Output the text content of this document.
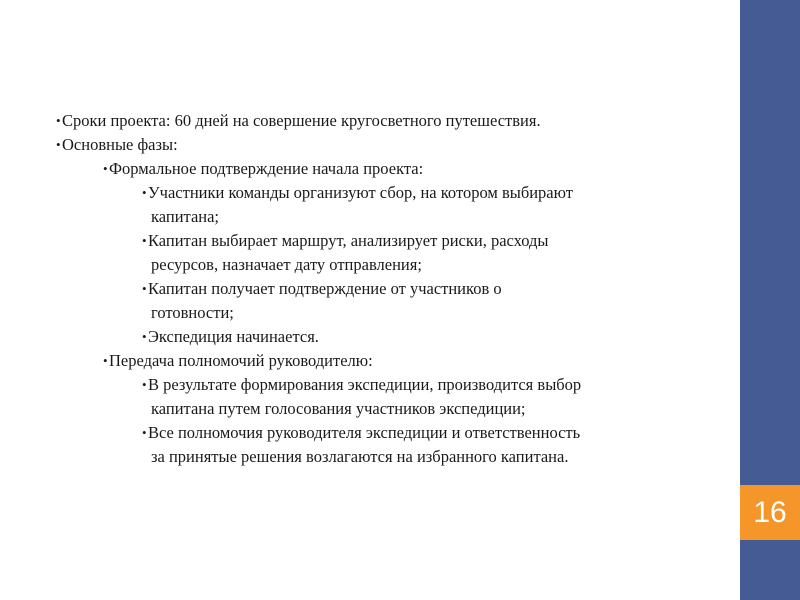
16
• Сроки проекта: 60 дней на совершение кругосветного путешествия.
• Основные фазы:
• Формальное подтверждение начала проекта:
• Участники команды организуют сбор, на котором выбирают
капитана;
• Капитан выбирает маршрут, анализирует риски, расходы
ресурсов, назначает дату отправления;
• Капитан получает подтверждение от участников о
готовности;
• Экспедиция начинается.
• Передача полномочий руководителю:
• В результате формирования экспедиции, производится выбор
капитана путем голосования участников экспедиции;
• Все полномочия руководителя экспедиции и ответственность
за принятые решения возлагаются на избранного капитана.
